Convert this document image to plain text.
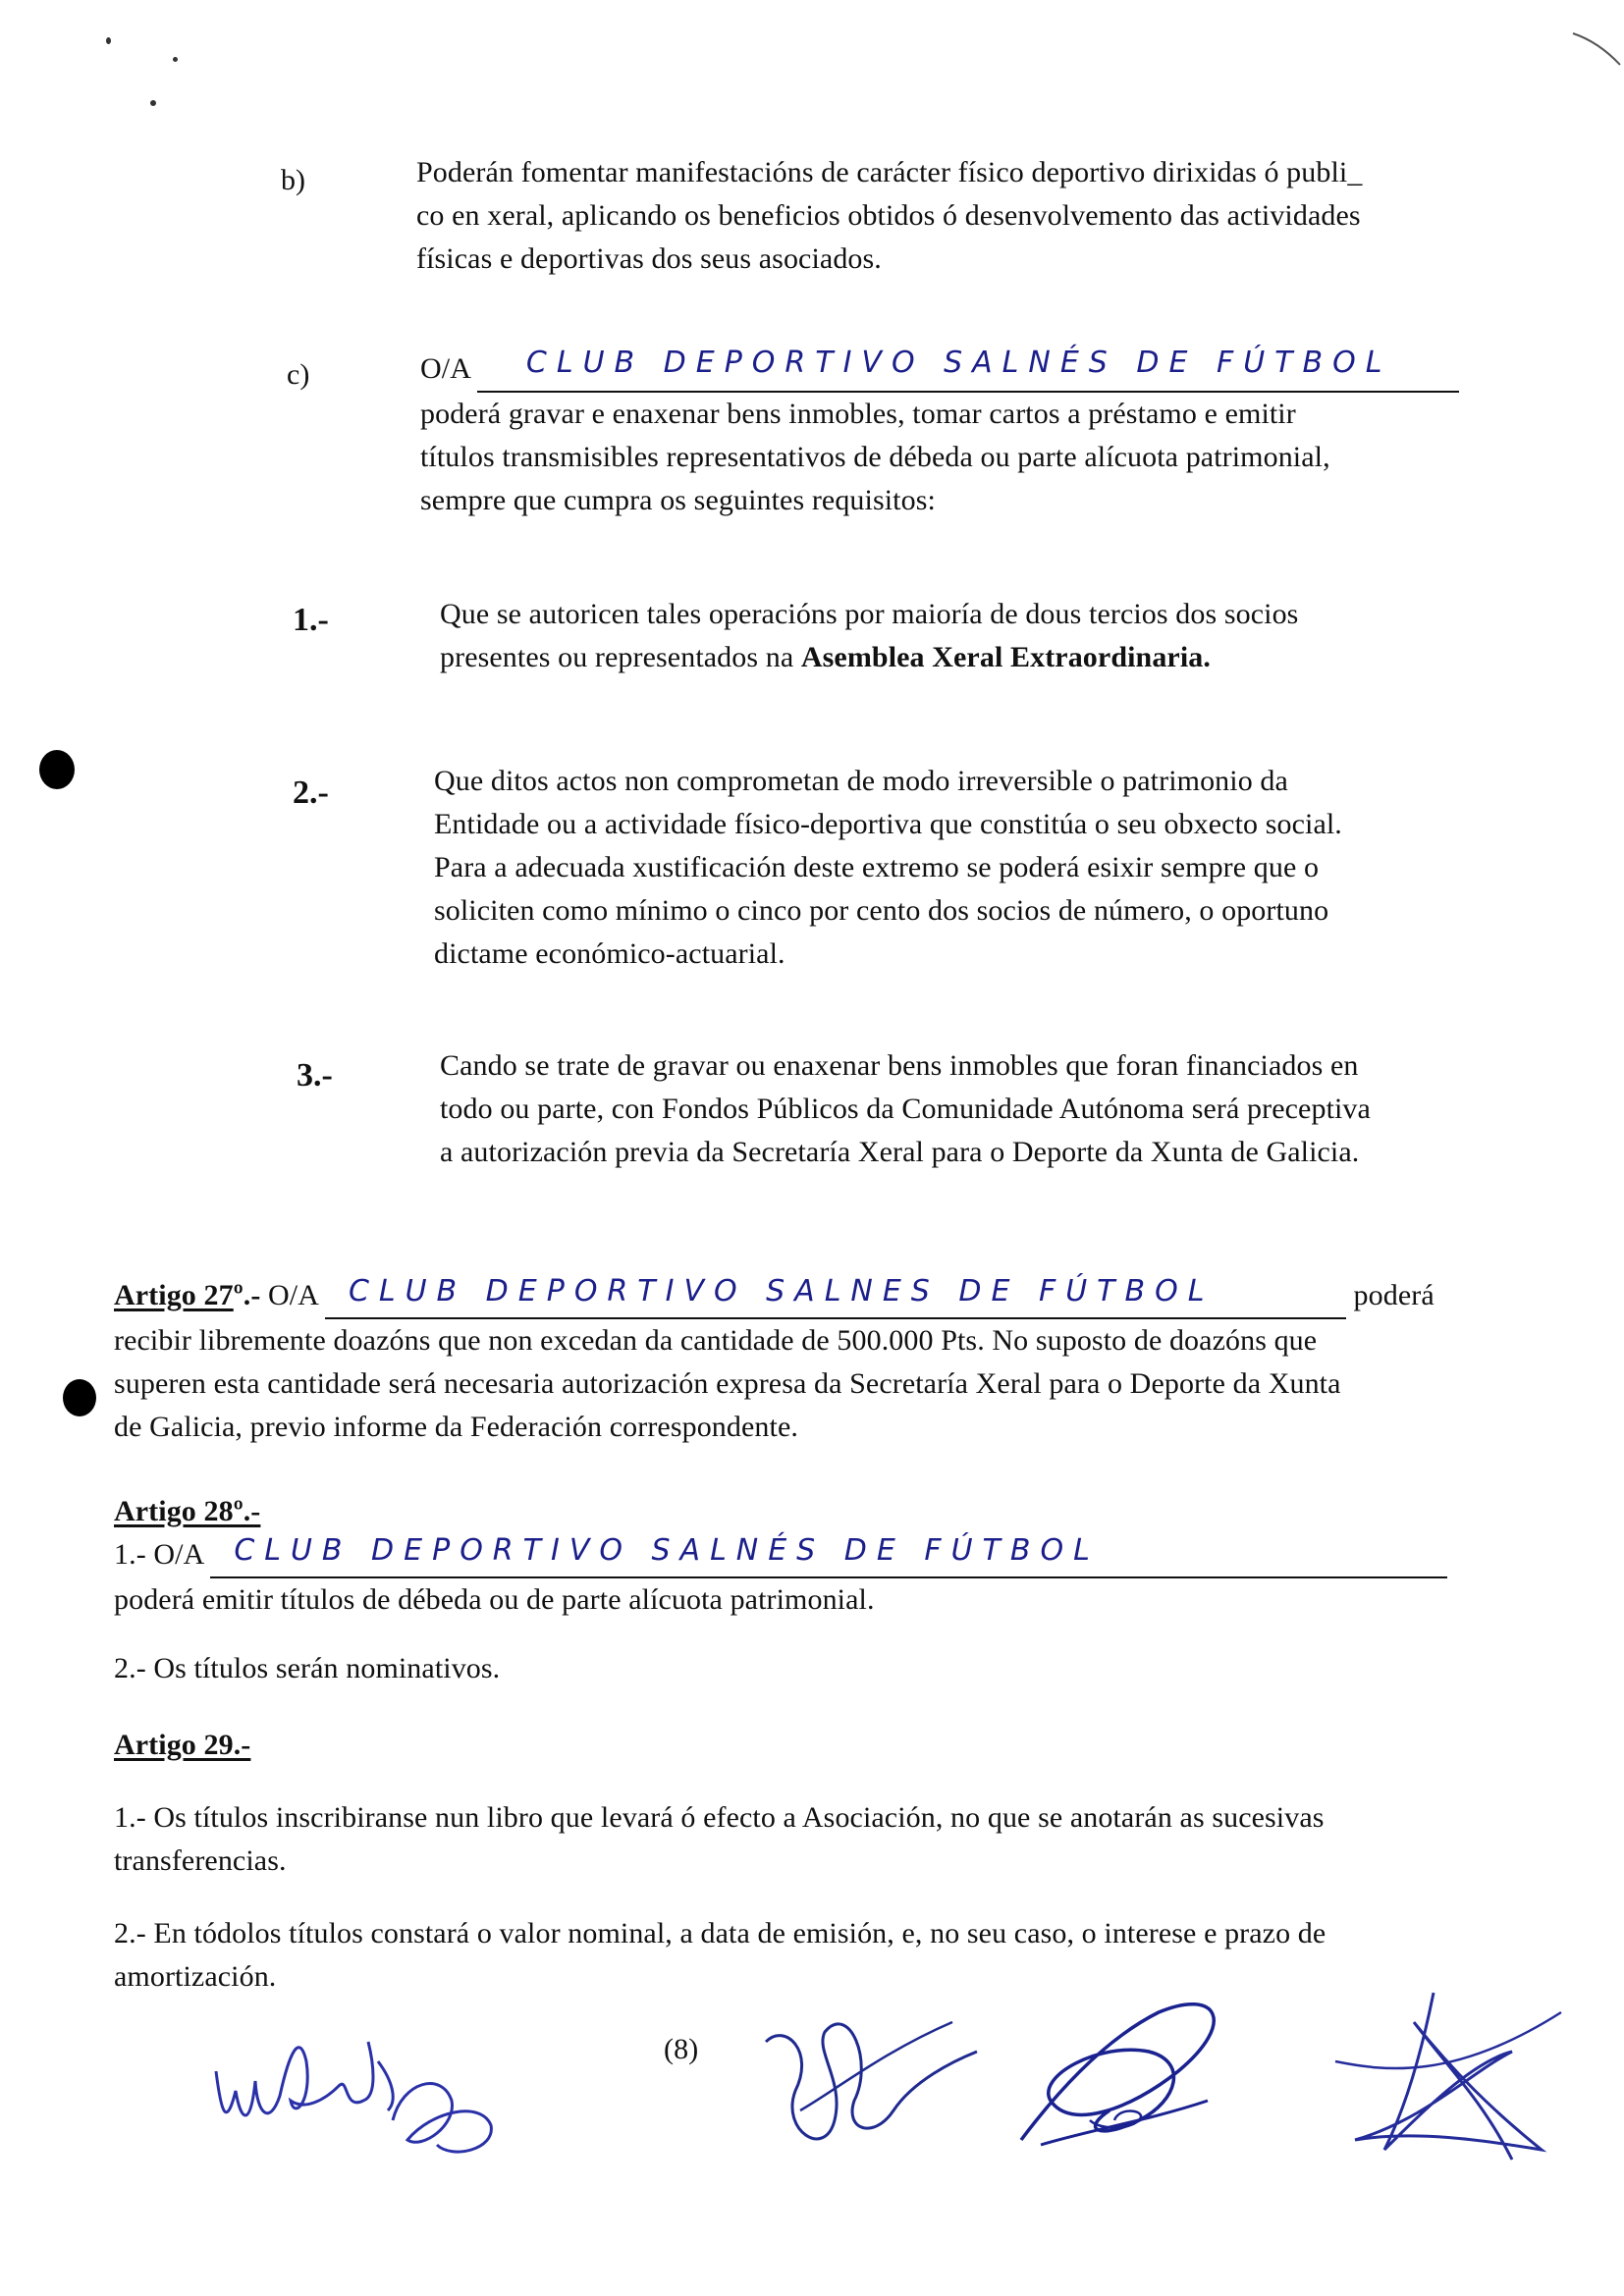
b)	Poderán fomentar manifestacións de carácter físico deportivo dirixidas ó publi_
co en xeral, aplicando os beneficios obtidos ó desenvolvemento das actividades
físicas e deportivas dos seus asociados.
c)	O/A CLUB DEPORTIVO SALNÉS DE FÚTBOL

poderá gravar e enaxenar bens inmobles, tomar cartos a préstamo e emitir
títulos transmisibles representativos de débeda ou parte alícuota patrimonial,
sempre que cumpra os seguintes requisitos:
1.-	Que se autoricen tales operacións por maioría de dous tercios dos socios
presentes ou representados na Asemblea Xeral Extraordinaria.
2.-	Que ditos actos non comprometan de modo irreversible o patrimonio da
Entidade ou a actividade físico-deportiva que constitúa o seu obxecto social.
Para a adecuada xustificación deste extremo se poderá esixir sempre que o
soliciten como mínimo o cinco por cento dos socios de número, o oportuno
dictame económico-actuarial.
3.-	Cando se trate de gravar ou enaxenar bens inmobles que foran financiados en
todo ou parte, con Fondos Públicos da Comunidade Autónoma será preceptiva
a autorización previa da Secretaría Xeral para o Deporte da Xunta de Galicia.
Artigo 27º.- O/A CLUB DEPORTIVO SALNES DE FÚTBOL	poderá
recibir libremente doazóns que non excedan da cantidade de 500.000 Pts. No suposto de doazóns que
superen esta cantidade será necesaria autorización expresa da Secretaría Xeral para o Deporte da Xunta
de Galicia, previo informe da Federación correspondente.
Artigo 28º.-
1.- O/A CLUB DEPORTIVO SALNÉS DE FÚTBOL

poderá emitir títulos de débeda ou de parte alícuota patrimonial.
2.- Os títulos serán nominativos.
Artigo 29.-
1.- Os títulos inscribiranse nun libro que levará ó efecto a Asociación, no que se anotarán as sucesivas
transferencias.
2.- En tódolos títulos constará o valor nominal, a data de emisión, e, no seu caso, o interese e prazo de
amortización.
(8)
